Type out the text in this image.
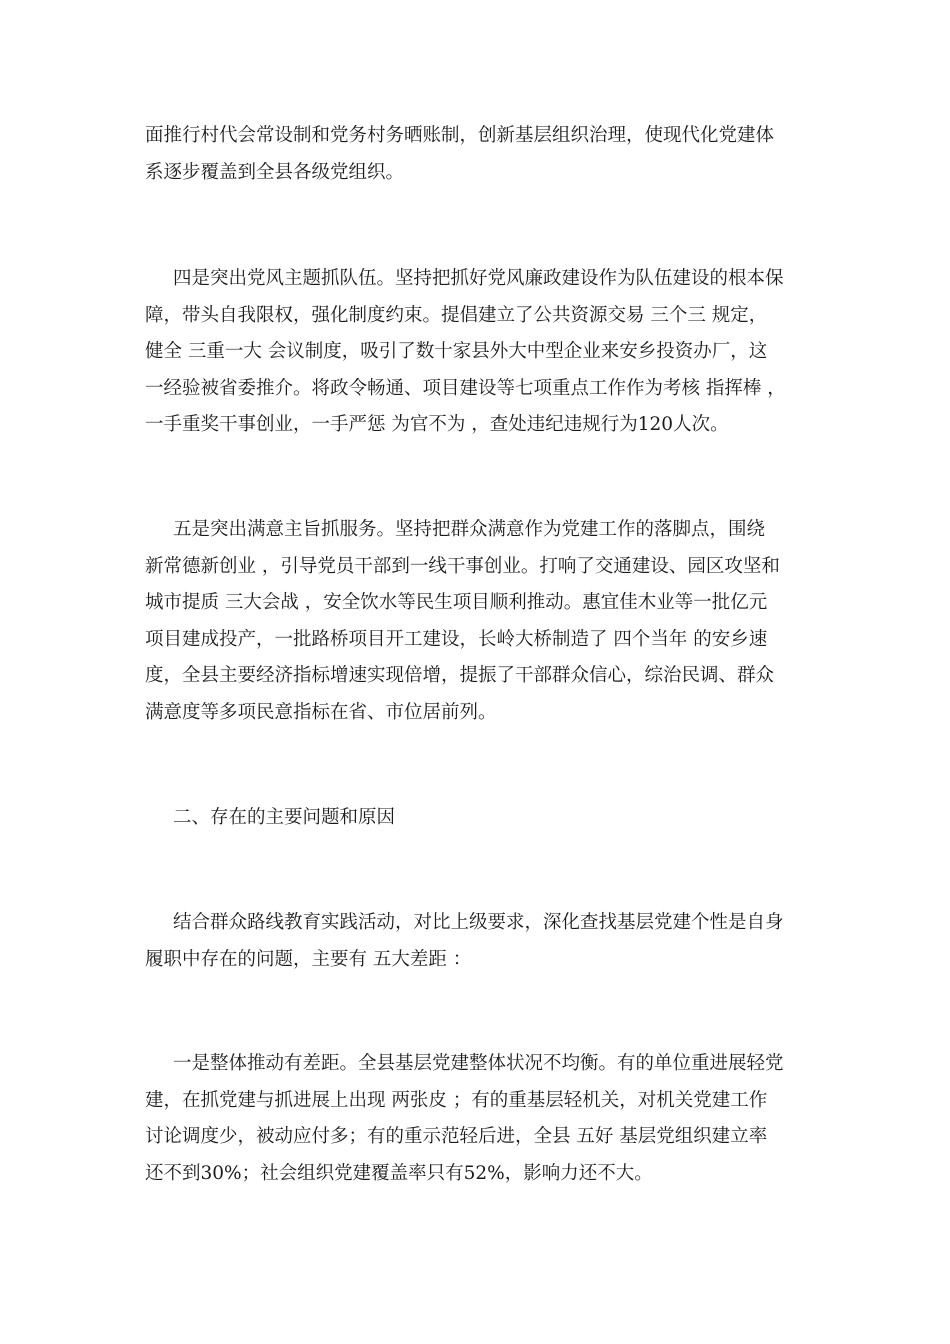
面推行村代会常设制和党务村务晒账制，创新基层组织治理，使现代化党建体
系逐步覆盖到全县各级党组织。

四是突出党风主题抓队伍。坚持把抓好党风廉政建设作为队伍建设的根本保
障，带头自我限权，强化制度约束。提倡建立了公共资源交易 三个三 规定，
健全 三重一大 会议制度，吸引了数十家县外大中型企业来安乡投资办厂，这
一经验被省委推介。将政令畅通、项目建设等七项重点工作作为考核 指挥棒 ，
一手重奖干事创业，一手严惩 为官不为 ，查处违纪违规行为120人次。

五是突出满意主旨抓服务。坚持把群众满意作为党建工作的落脚点，围绕
新常德新创业 ，引导党员干部到一线干事创业。打响了交通建设、园区攻坚和
城市提质 三大会战 ，安全饮水等民生项目顺利推动。惠宜佳木业等一批亿元
项目建成投产，一批路桥项目开工建设，长岭大桥制造了 四个当年 的安乡速
度，全县主要经济指标增速实现倍增，提振了干部群众信心，综治民调、群众
满意度等多项民意指标在省、市位居前列。

二、存在的主要问题和原因

结合群众路线教育实践活动，对比上级要求，深化查找基层党建个性是自身
履职中存在的问题，主要有 五大差距 ：

一是整体推动有差距。全县基层党建整体状况不均衡。有的单位重进展轻党
建，在抓党建与抓进展上出现 两张皮 ；有的重基层轻机关，对机关党建工作
讨论调度少，被动应付多；有的重示范轻后进，全县 五好 基层党组织建立率
还不到30%；社会组织党建覆盖率只有52%，影响力还不大。
